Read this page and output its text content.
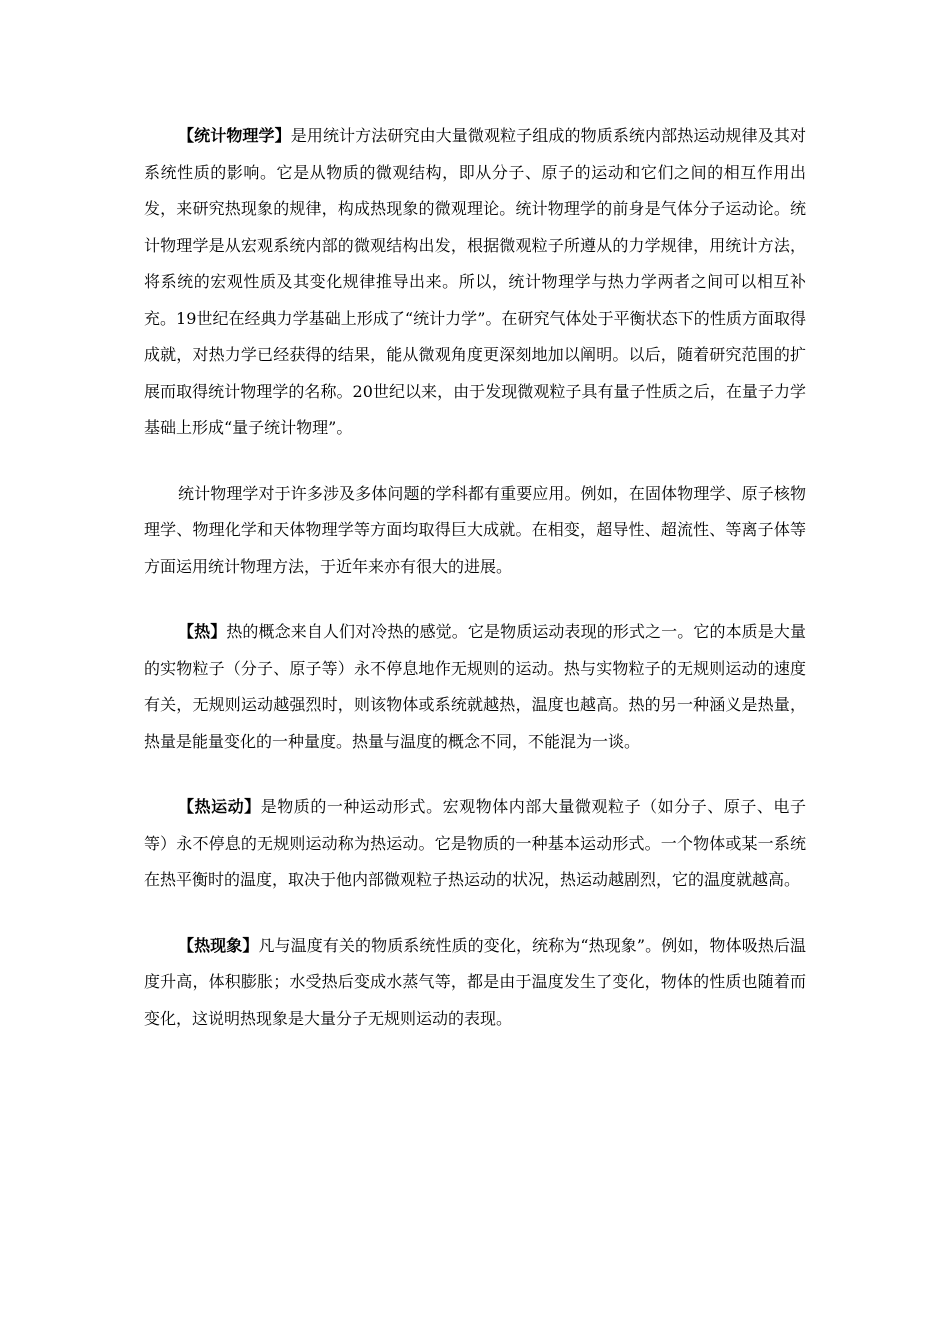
【统计物理学】是用统计方法研究由大量微观粒子组成的物质系统内部热运动规律及其对系统性质的影响。它是从物质的微观结构，即从分子、原子的运动和它们之间的相互作用出发，来研究热现象的规律，构成热现象的微观理论。统计物理学的前身是气体分子运动论。统计物理学是从宏观系统内部的微观结构出发，根据微观粒子所遵从的力学规律，用统计方法，将系统的宏观性质及其变化规律推导出来。所以，统计物理学与热力学两者之间可以相互补充。19世纪在经典力学基础上形成了“统计力学”。在研究气体处于平衡状态下的性质方面取得成就，对热力学已经获得的结果，能从微观角度更深刻地加以阐明。以后，随着研究范围的扩展而取得统计物理学的名称。20世纪以来，由于发现微观粒子具有量子性质之后，在量子力学基础上形成“量子统计物理”。

统计物理学对于许多涉及多体问题的学科都有重要应用。例如，在固体物理学、原子核物理学、物理化学和天体物理学等方面均取得巨大成就。在相变，超导性、超流性、等离子体等方面运用统计物理方法，于近年来亦有很大的进展。

【热】热的概念来自人们对冷热的感觉。它是物质运动表现的形式之一。它的本质是大量的实物粒子（分子、原子等）永不停息地作无规则的运动。热与实物粒子的无规则运动的速度有关，无规则运动越强烈时，则该物体或系统就越热，温度也越高。热的另一种涵义是热量，热量是能量变化的一种量度。热量与温度的概念不同，不能混为一谈。

【热运动】是物质的一种运动形式。宏观物体内部大量微观粒子（如分子、原子、电子等）永不停息的无规则运动称为热运动。它是物质的一种基本运动形式。一个物体或某一系统在热平衡时的温度，取决于他内部微观粒子热运动的状况，热运动越剧烈，它的温度就越高。

【热现象】凡与温度有关的物质系统性质的变化，统称为“热现象”。例如，物体吸热后温度升高，体积膨胀；水受热后变成水蒸气等，都是由于温度发生了变化，物体的性质也随着而变化，这说明热现象是大量分子无规则运动的表现。
